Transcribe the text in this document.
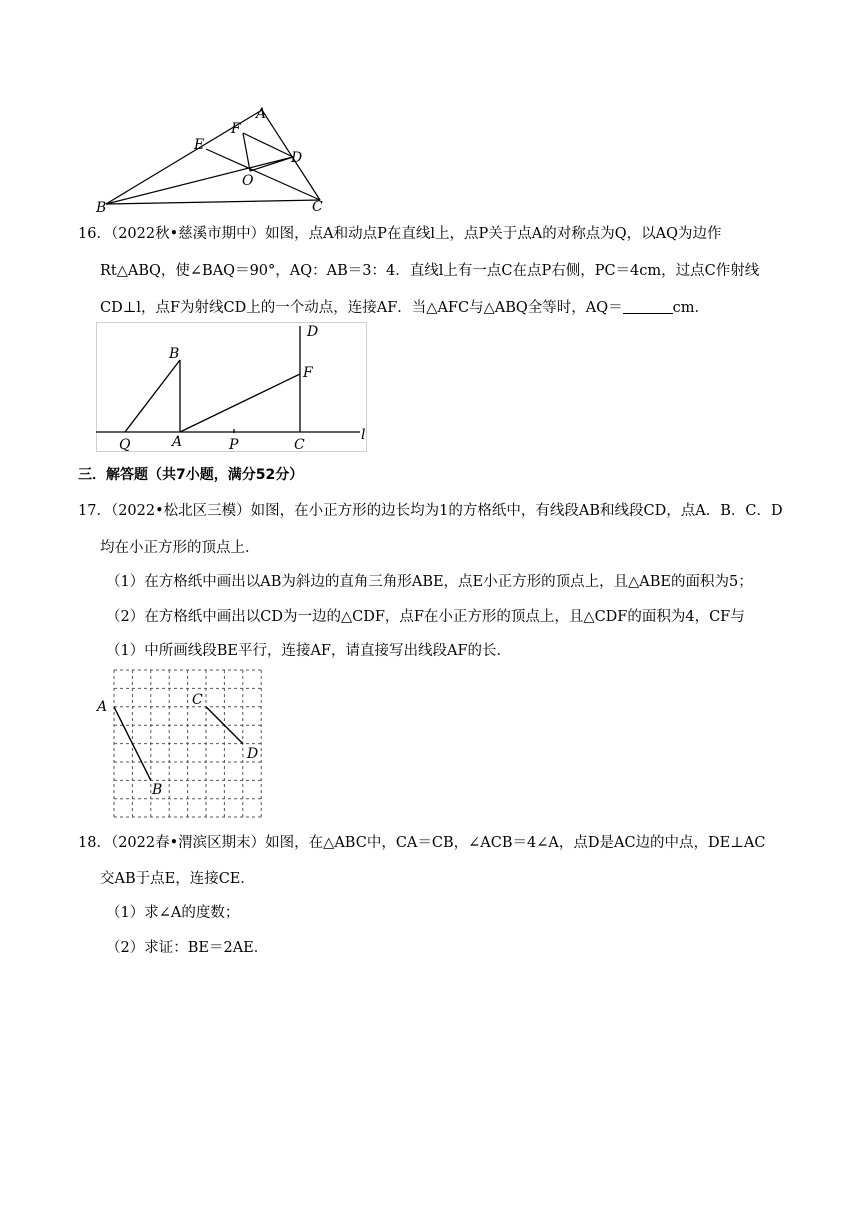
A
F
E
D
O
B	C
16．（2022秋•慈溪市期中）如图，点A和动点P在直线l上，点P关于点A的对称点为Q，以AQ为边作
Rt△ABQ，使∠BAQ＝90°，AQ：AB＝3：4．直线l上有一点C在点P右侧，PC＝4cm，过点C作射线
CD⊥l，点F为射线CD上的一个动点，连接AF．当△AFC与△ABQ全等时，AQ＝	cm．
B
D
F
Q	A	P	C
l
三．解答题（共7小题，满分52分）
17．（2022•松北区三模）如图，在小正方形的边长均为1的方格纸中，有线段AB和线段CD，点A．B．C．D
均在小正方形的顶点上．
（1）在方格纸中画出以AB为斜边的直角三角形ABE，点E小正方形的顶点上，且△ABE的面积为5；
（2）在方格纸中画出以CD为一边的△CDF，点F在小正方形的顶点上，且△CDF的面积为4，CF与
（1）中所画线段BE平行，连接AF，请直接写出线段AF的长．
A
B
C
D
18．（2022春•渭滨区期末）如图，在△ABC中，CA＝CB，∠ACB＝4∠A，点D是AC边的中点，DE⊥AC
交AB于点E，连接CE．
（1）求∠A的度数；
（2）求证：BE＝2AE．
